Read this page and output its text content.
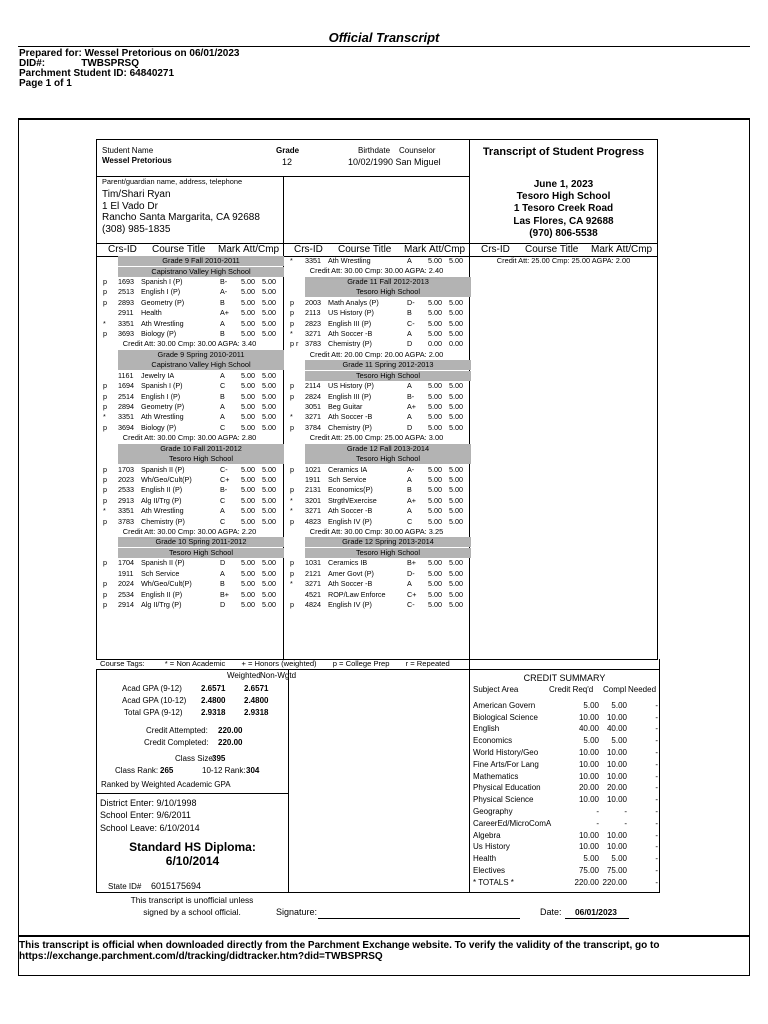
Official Transcript
Prepared for: Wessel Pretorious on 06/01/2023
DID#:             TWBSPRSQ
Parchment Student ID: 64840271
Page 1 of 1
Student Name
Wessel Pretorious
Grade
12
Birthdate Counselor
10/02/1990 San Miguel
Parent/guardian name, address, telephone
Tim/Shari Ryan
1 El Vado Dr
Rancho Santa Margarita, CA 92688
(308) 985-1835
Transcript of Student Progress
June 1, 2023
Tesoro High School
1 Tesoro Creek Road
Las Flores, CA 92688
(970) 806-5538
Crs-ID Course Title Mark Att/Cmp Crs-ID Course Title Mark Att/Cmp Crs-ID Course Title Mark Att/Cmp
Grade 9 Fall 2010-2011
Capistrano Valley High School
p 1693 Spanish I (P)	B- 5.00 5.00
p 2513 English I (P)	A- 5.00 5.00
p 2893 Geometry (P)	B 5.00 5.00
2911 Health	A+ 5.00 5.00
* 3351 Ath Wrestling	A 5.00 5.00
p 3693 Biology (P)	B 5.00 5.00
Credit Att: 30.00 Cmp: 30.00 AGPA: 3.40
Grade 9 Spring 2010-2011
Capistrano Valley High School
1161 Jewelry IA	A 5.00 5.00
p 1694 Spanish I (P)	C 5.00 5.00
p 2514 English I (P)	B 5.00 5.00
p 2894 Geometry (P)	A 5.00 5.00
* 3351 Ath Wrestling	A 5.00 5.00
p 3694 Biology (P)	C 5.00 5.00
Credit Att: 30.00 Cmp: 30.00 AGPA: 2.80
Grade 10 Fall 2011-2012
Tesoro High School
p 1703 Spanish II (P)	C- 5.00 5.00
p 2023 Wh/Geo/Cult(P)	C+ 5.00 5.00
p 2533 English II (P)	B- 5.00 5.00
p 2913 Alg II/Trg (P)	C 5.00 5.00
* 3351 Ath Wrestling	A 5.00 5.00
p 3783 Chemistry (P)	C 5.00 5.00
Credit Att: 30.00 Cmp: 30.00 AGPA: 2.20
Grade 10 Spring 2011-2012
Tesoro High School
p 1704 Spanish II (P)	D 5.00 5.00
1911 Sch Service	A 5.00 5.00
p 2024 Wh/Geo/Cult(P)	B 5.00 5.00
p 2534 English II (P)	B+ 5.00 5.00
p 2914 Alg II/Trg (P)	D 5.00 5.00
* 3351 Ath Wrestling	A 5.00 5.00
Credit Att: 30.00 Cmp: 30.00 AGPA: 2.40
Grade 11 Fall 2012-2013
Tesoro High School
p 2003 Math Analys (P)	D- 5.00 5.00
p 2113 US History (P)	B 5.00 5.00
p 2823 English III (P)	C- 5.00 5.00
* 3271 Ath Soccer -B	A 5.00 5.00
p r 3783 Chemistry (P)	D 0.00 0.00
Credit Att: 20.00 Cmp: 20.00 AGPA: 2.00
Grade 11 Spring 2012-2013
Tesoro High School
p 2114 US History (P)	A 5.00 5.00
p 2824 English III (P)	B- 5.00 5.00
3051 Beg Guitar	A+ 5.00 5.00
* 3271 Ath Soccer -B	A 5.00 5.00
p 3784 Chemistry (P)	D 5.00 5.00
Credit Att: 25.00 Cmp: 25.00 AGPA: 3.00
Grade 12 Fall 2013-2014
Tesoro High School
p 1021 Ceramics IA	A- 5.00 5.00
1911 Sch Service	A 5.00 5.00
p 2131 Economics(P)	B 5.00 5.00
* 3201 Strgth/Exercise	A+ 5.00 5.00
* 3271 Ath Soccer -B	A 5.00 5.00
p 4823 English IV (P)	C 5.00 5.00
Credit Att: 30.00 Cmp: 30.00 AGPA: 3.25
Grade 12 Spring 2013-2014
Tesoro High School
p 1031 Ceramics IB	B+ 5.00 5.00
p 2121 Amer Govt (P)	D- 5.00 5.00
* 3271 Ath Soccer -B	A 5.00 5.00
4521 ROP/Law Enforce	C+ 5.00 5.00
p 4824 English IV (P)	C- 5.00 5.00
Credit Att: 25.00 Cmp: 25.00 AGPA: 2.00
Course Tags:	* = Non Academic + = Honors (weighted) p = College Prep r = Repeated
Weighted Non-Wgtd
Acad GPA (9-12) 2.6571 2.6571
Acad GPA (10-12) 2.4800 2.4800
Total GPA (9-12) 2.9318 2.9318
Credit Attempted: 220.00
Credit Completed: 220.00
Class Size:
395
Class Rank: 265	10-12 Rank: 304
Ranked by Weighted Academic GPA
District Enter: 9/10/1998
School Enter: 9/6/2011
School Leave: 6/10/2014
Standard HS Diploma:
6/10/2014
State ID# 6015175694
This transcript is unofficial unless
signed by a school official.	Signature:	Date: 06/01/2023
CREDIT SUMMARY
Subject Area	Credit Req'd Compl Needed
American Govern	5.00 5.00	-
Biological Science	10.00 10.00	-
English	40.00 40.00	-
Economics	5.00 5.00	-
World History/Geo	10.00 10.00	-
Fine Arts/For Lang	10.00 10.00	-
Mathematics	10.00 10.00	-
Physical Education	20.00 20.00	-
Physical Science	10.00 10.00	-
Geography	-	-	-
CareerEd/MicroComA	-	-	-
Algebra	10.00 10.00	-
Us History	10.00 10.00	-
Health	5.00 5.00	-
Electives	75.00 75.00	-
* TOTALS *	220.00 220.00	-
This transcript is official when downloaded directly from the Parchment Exchange website. To verify the validity of the transcript, go to https://exchange.parchment.com/d/tracking/didtracker.htm?did=TWBSPRSQ
